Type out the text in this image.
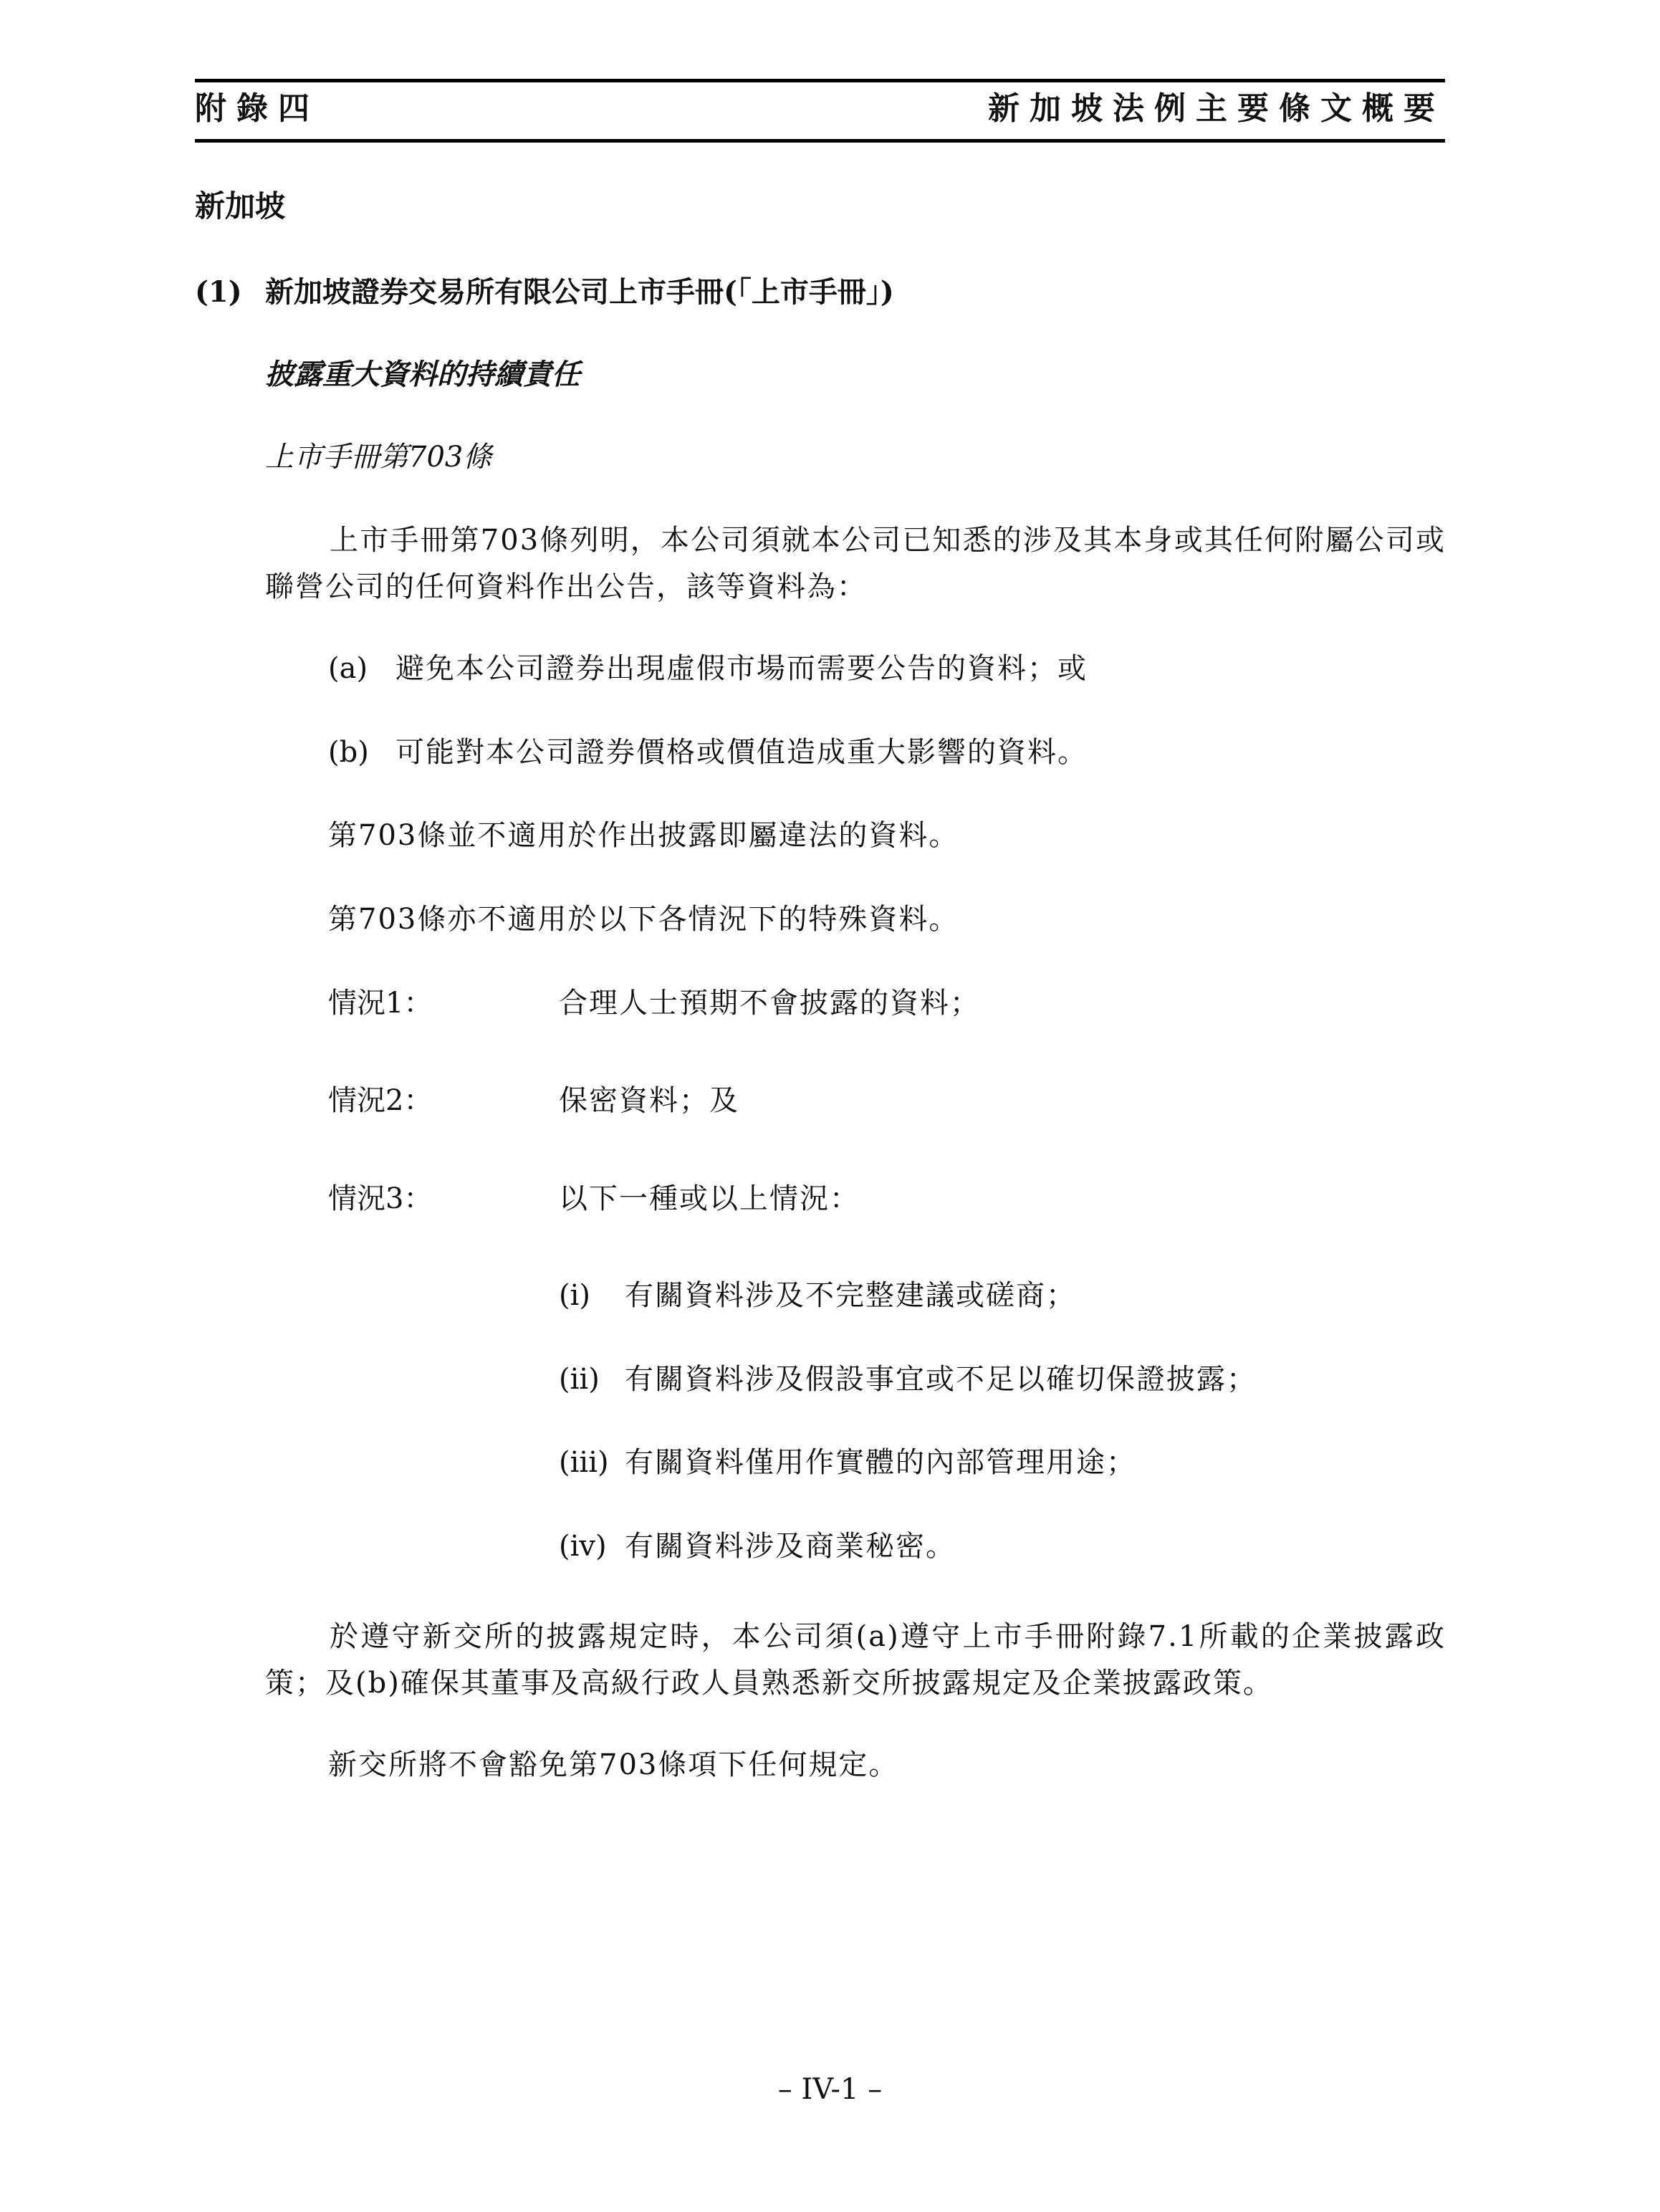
附錄四	新加坡法例主要條文概要
新加坡
(1) 新加坡證券交易所有限公司上市手冊(「上市手冊」)
披露重大資料的持續責任
上市手冊第703條

上市手冊第703條列明，本公司須就本公司已知悉的涉及其本身或其任何附屬公司或聯營公司的任何資料作出公告，該等資料為：

(a) 避免本公司證券出現虛假市場而需要公告的資料；或
(b) 可能對本公司證券價格或價值造成重大影響的資料。
第703條並不適用於作出披露即屬違法的資料。
第703條亦不適用於以下各情況下的特殊資料。
情況1：	合理人士預期不會披露的資料；
情況2：	保密資料；及
情況3：	以下一種或以上情況：
(i) 有關資料涉及不完整建議或磋商；
(ii) 有關資料涉及假設事宜或不足以確切保證披露；
(iii) 有關資料僅用作實體的內部管理用途；
(iv) 有關資料涉及商業秘密。

於遵守新交所的披露規定時，本公司須(a)遵守上市手冊附錄7.1所載的企業披露政策；及(b)確保其董事及高級行政人員熟悉新交所披露規定及企業披露政策。

新交所將不會豁免第703條項下任何規定。
– IV-1 –
